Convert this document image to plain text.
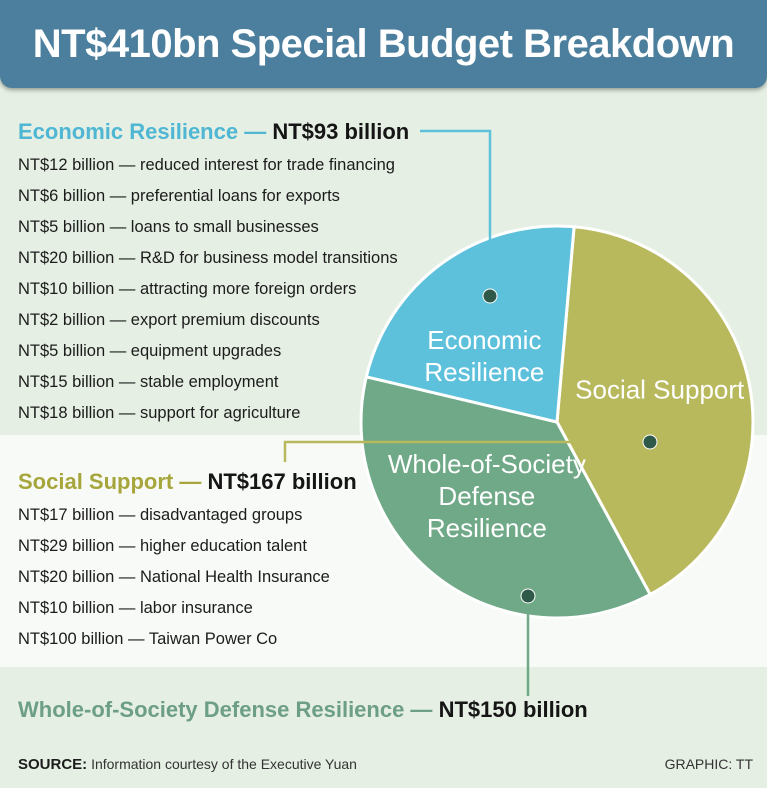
NT$410bn Special Budget Breakdown
Economic Resilience — NT$93 billion
NT$12 billion — reduced interest for trade financing
NT$6 billion — preferential loans for exports
NT$5 billion — loans to small businesses
NT$20 billion — R&D for business model transitions
NT$10 billion — attracting more foreign orders
NT$2 billion — export premium discounts
NT$5 billion — equipment upgrades
NT$15 billion — stable employment
NT$18 billion — support for agriculture
Social Support — NT$167 billion
NT$17 billion — disadvantaged groups
NT$29 billion — higher education talent
NT$20 billion — National Health Insurance
NT$10 billion — labor insurance
NT$100 billion — Taiwan Power Co
Whole-of-Society Defense Resilience — NT$150 billion
Economic Resilience
Social Support
Whole-of-Society Defense Resilience
SOURCE: Information courtesy of the Executive Yuan	GRAPHIC: TT
